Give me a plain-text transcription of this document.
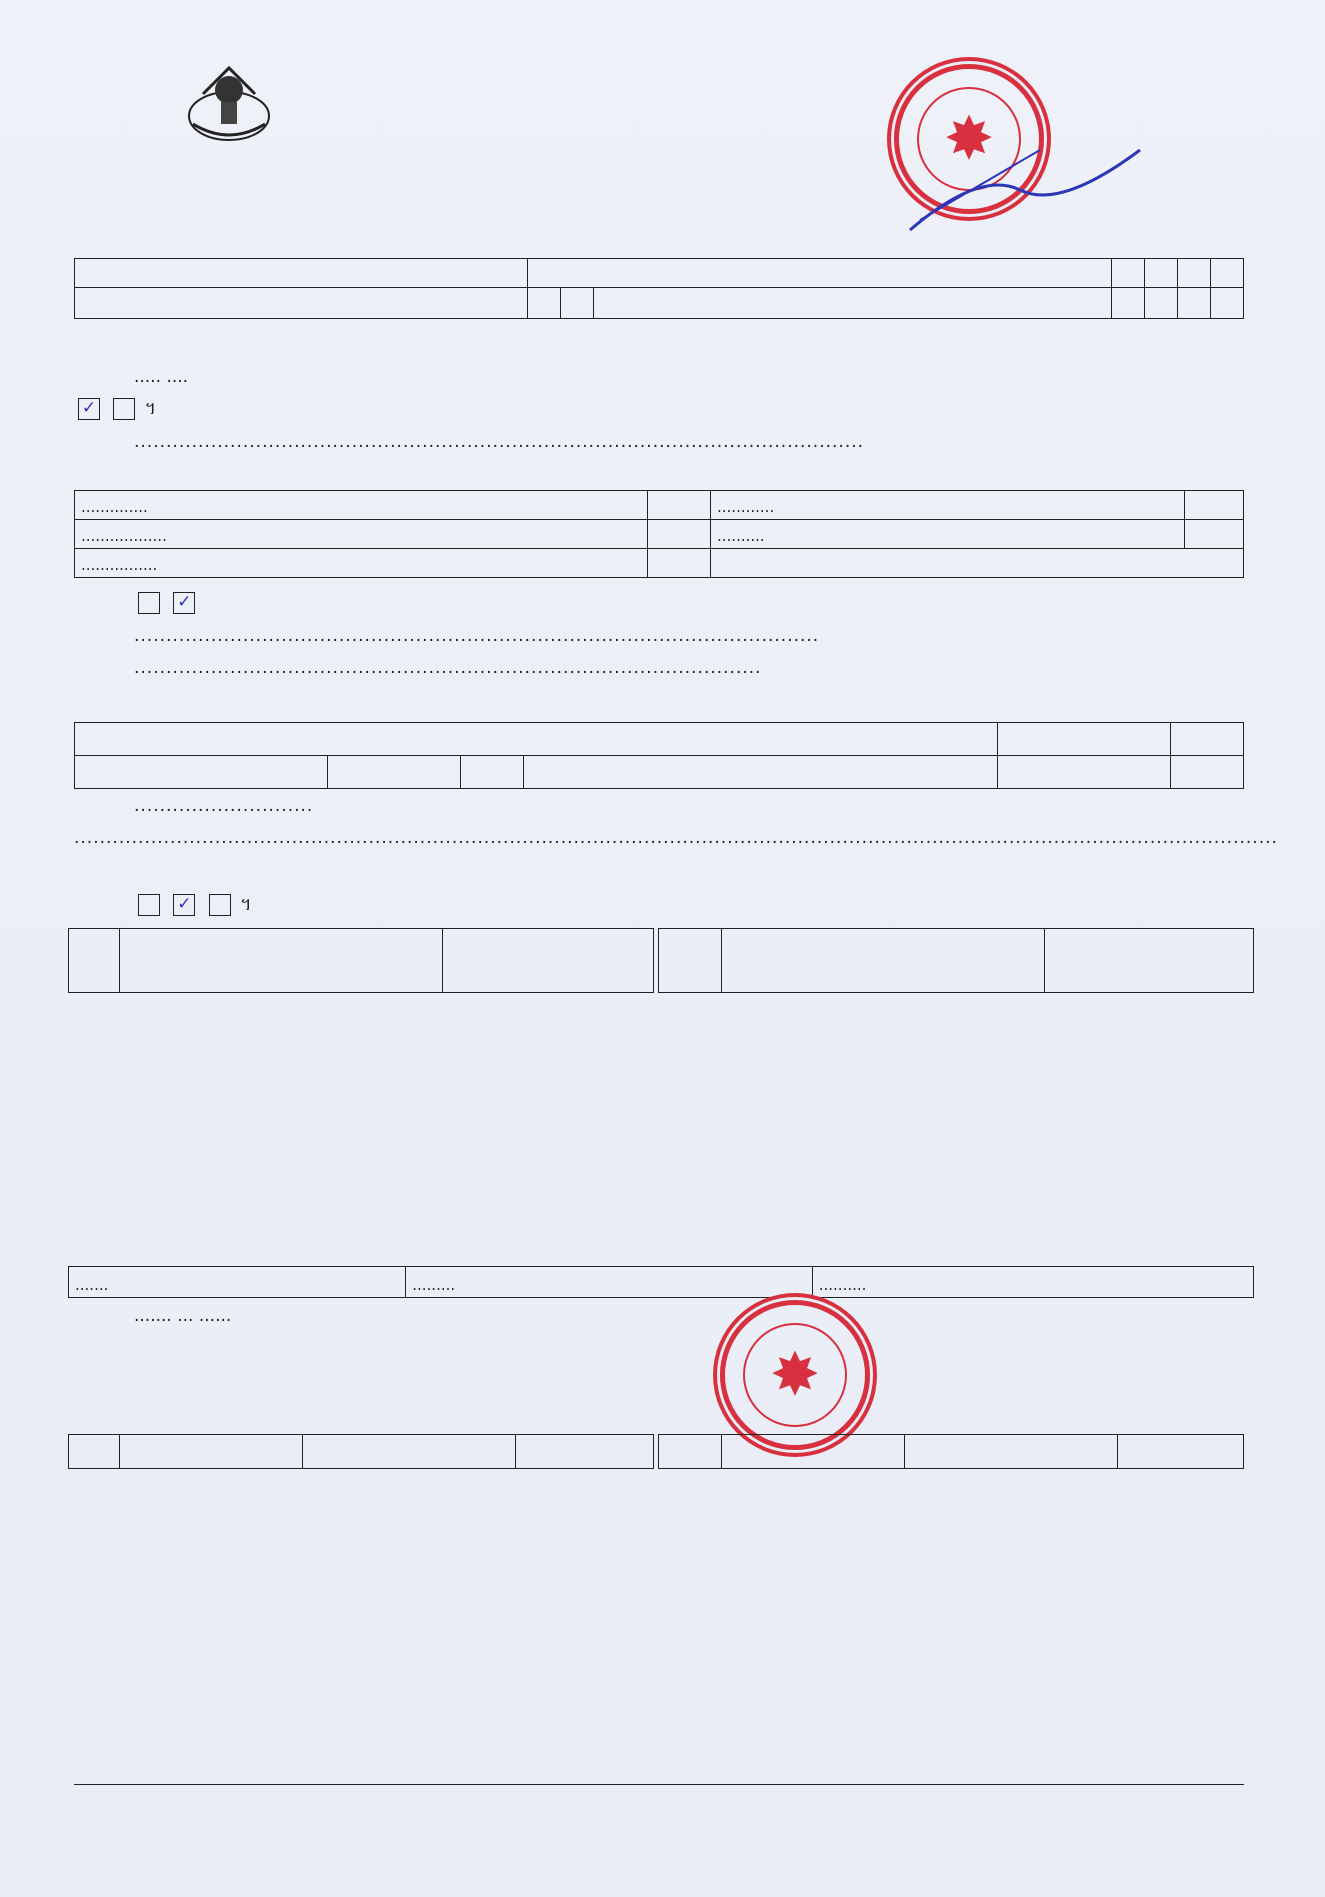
✸

..... ....
✓	។
..................................................................................................................
..............		............	
..................		..........	
................			
✓
...........................................................................................................
..................................................................................................

............................
............................................................................................................................................................................................
✓	។

.......	.........	..........
....... ... ......
✸
